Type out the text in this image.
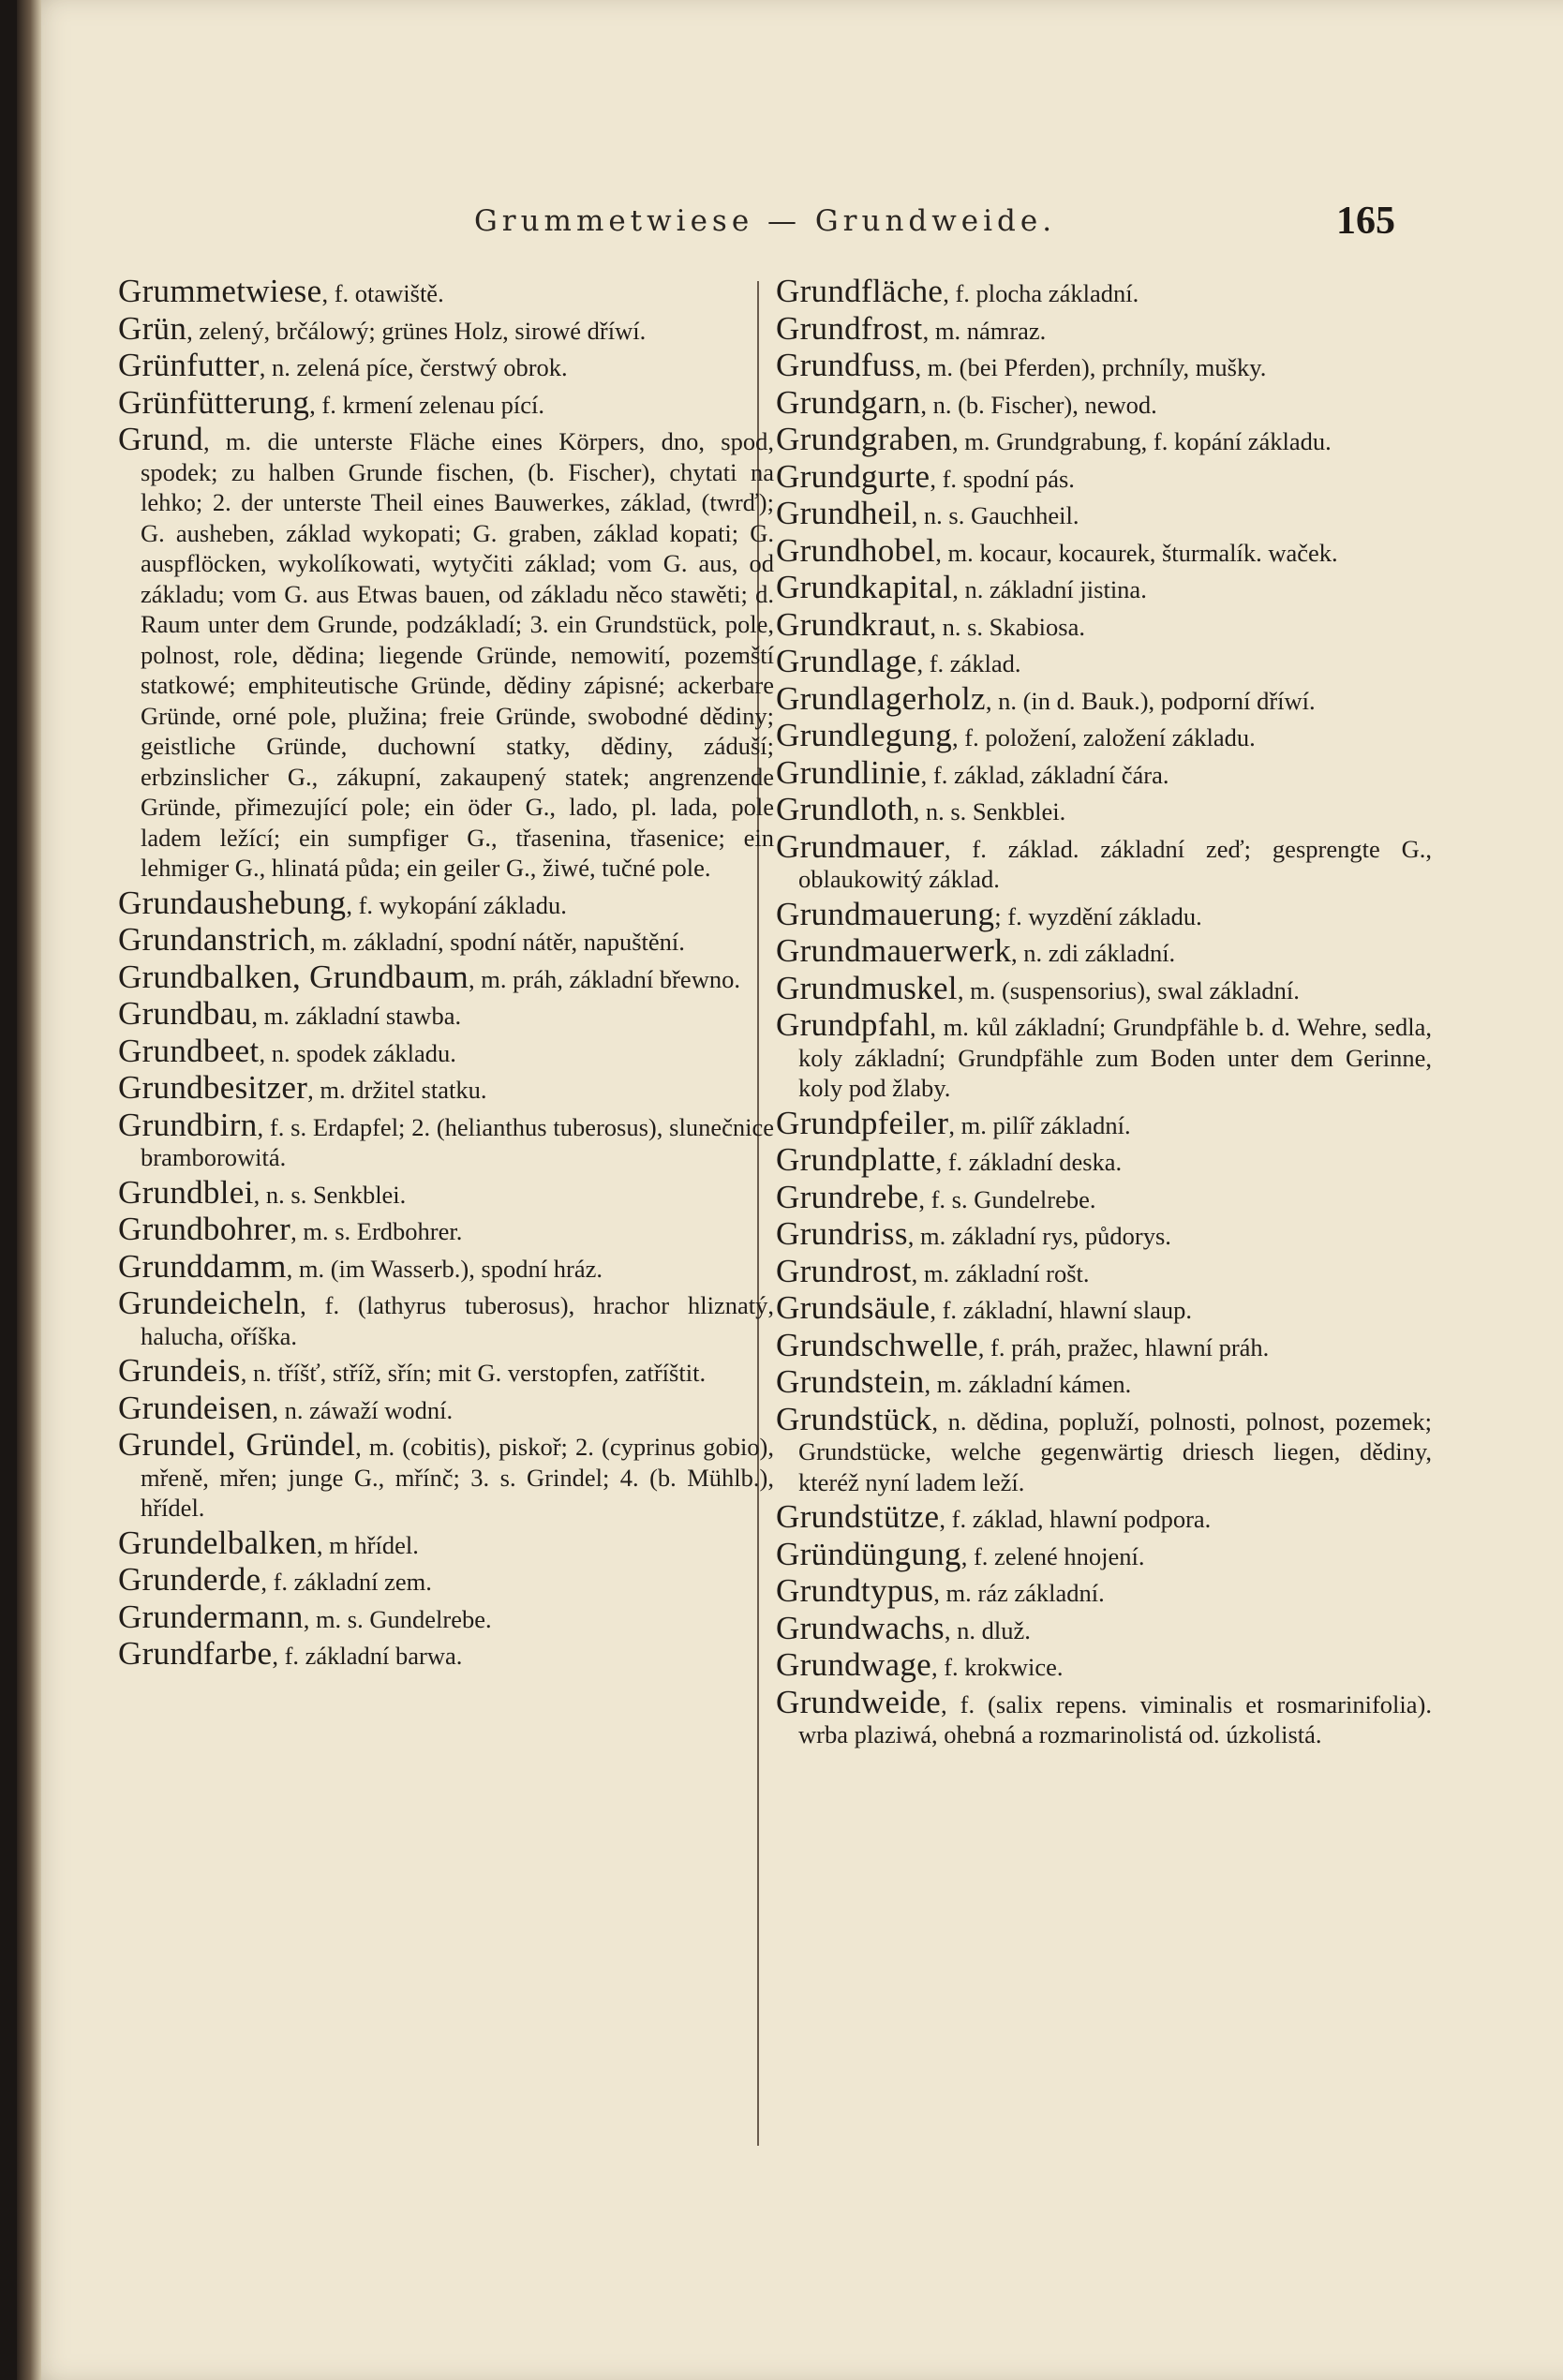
Grummetwiese — Grundweide.	165
Grummetwiese, f. otawiště.
Grün, zelený, brčálowý; grünes Holz, sirowé dříwí.
Grünfutter, n. zelená píce, čerstwý obrok.
Grünfütterung, f. krmení zelenau pící.
Grund, m. die unterste Fläche eines Körpers, dno, spod, spodek; zu halben Grunde fischen, (b. Fischer), chytati na lehko; 2. der unterste Theil eines Bauwerkes, základ, (twrď); G. ausheben, základ wykopati; G. graben, základ kopati; G. auspflöcken, wykolíkowati, wytyčiti základ; vom G. aus, od základu; vom G. aus Etwas bauen, od základu něco stawěti; d. Raum unter dem Grunde, podzákladí; 3. ein Grundstück, pole, polnost, role, dědina; liegende Gründe, nemowití, pozemští statkowé; emphiteutische Gründe, dědiny zápisné; ackerbare Gründe, orné pole, plužina; freie Gründe, swobodné dědiny; geistliche Gründe, duchowní statky, dědiny, záduší; erbzinslicher G., zákupní, zakaupený statek; angrenzende Gründe, přimezující pole; ein öder G., lado, pl. lada, pole ladem ležící; ein sumpfiger G., třasenina, třasenice; ein lehmiger G., hlinatá půda; ein geiler G., žiwé, tučné pole.
Grundaushebung, f. wykopání základu.
Grundanstrich, m. základní, spodní nátěr, napuštění.
Grundbalken, Grundbaum, m. práh, základní břewno.
Grundbau, m. základní stawba.
Grundbeet, n. spodek základu.
Grundbesitzer, m. držitel statku.
Grundbirn, f. s. Erdapfel; 2. (helianthus tuberosus), slunečnice bramborowitá.
Grundblei, n. s. Senkblei.
Grundbohrer, m. s. Erdbohrer.
Grunddamm, m. (im Wasserb.), spodní hráz.
Grundeicheln, f. (lathyrus tuberosus), hrachor hliznatý, halucha, oříška.
Grundeis, n. tříšť, stříž, sřín; mit G. verstopfen, zatříštit.
Grundeisen, n. záwaží wodní.
Grundel, Gründel, m. (cobitis), piskoř; 2. (cyprinus gobio), mřeně, mřen; junge G., mřínč; 3. s. Grindel; 4. (b. Mühlb.), hřídel.
Grundelbalken, m hřídel.
Grunderde, f. základní zem.
Grundermann, m. s. Gundelrebe.
Grundfarbe, f. základní barwa.
Grundfläche, f. plocha základní.
Grundfrost, m. námraz.
Grundfuss, m. (bei Pferden), prchníly, mušky.
Grundgarn, n. (b. Fischer), newod.
Grundgraben, m. Grundgrabung, f. kopání základu.
Grundgurte, f. spodní pás.
Grundheil, n. s. Gauchheil.
Grundhobel, m. kocaur, kocaurek, šturmalík. waček.
Grundkapital, n. základní jistina.
Grundkraut, n. s. Skabiosa.
Grundlage, f. základ.
Grundlagerholz, n. (in d. Bauk.), podporní dříwí.
Grundlegung, f. položení, založení základu.
Grundlinie, f. základ, základní čára.
Grundloth, n. s. Senkblei.
Grundmauer, f. základ. základní zeď; gesprengte G., oblaukowitý základ.
Grundmauerung; f. wyzdění základu.
Grundmauerwerk, n. zdi základní.
Grundmuskel, m. (suspensorius), swal základní.
Grundpfahl, m. kůl základní; Grundpfähle b. d. Wehre, sedla, koly základní; Grundpfähle zum Boden unter dem Gerinne, koly pod žlaby.
Grundpfeiler, m. pilíř základní.
Grundplatte, f. základní deska.
Grundrebe, f. s. Gundelrebe.
Grundriss, m. základní rys, půdorys.
Grundrost, m. základní rošt.
Grundsäule, f. základní, hlawní slaup.
Grundschwelle, f. práh, pražec, hlawní práh.
Grundstein, m. základní kámen.
Grundstück, n. dědina, popluží, polnosti, polnost, pozemek; Grundstücke, welche gegenwärtig driesch liegen, dědiny, kteréž nyní ladem leží.
Grundstütze, f. základ, hlawní podpora.
Gründüngung, f. zelené hnojení.
Grundtypus, m. ráz základní.
Grundwachs, n. dluž.
Grundwage, f. krokwice.
Grundweide, f. (salix repens. viminalis et rosmarinifolia). wrba plaziwá, ohebná a rozmarinolistá od. úzkolistá.
